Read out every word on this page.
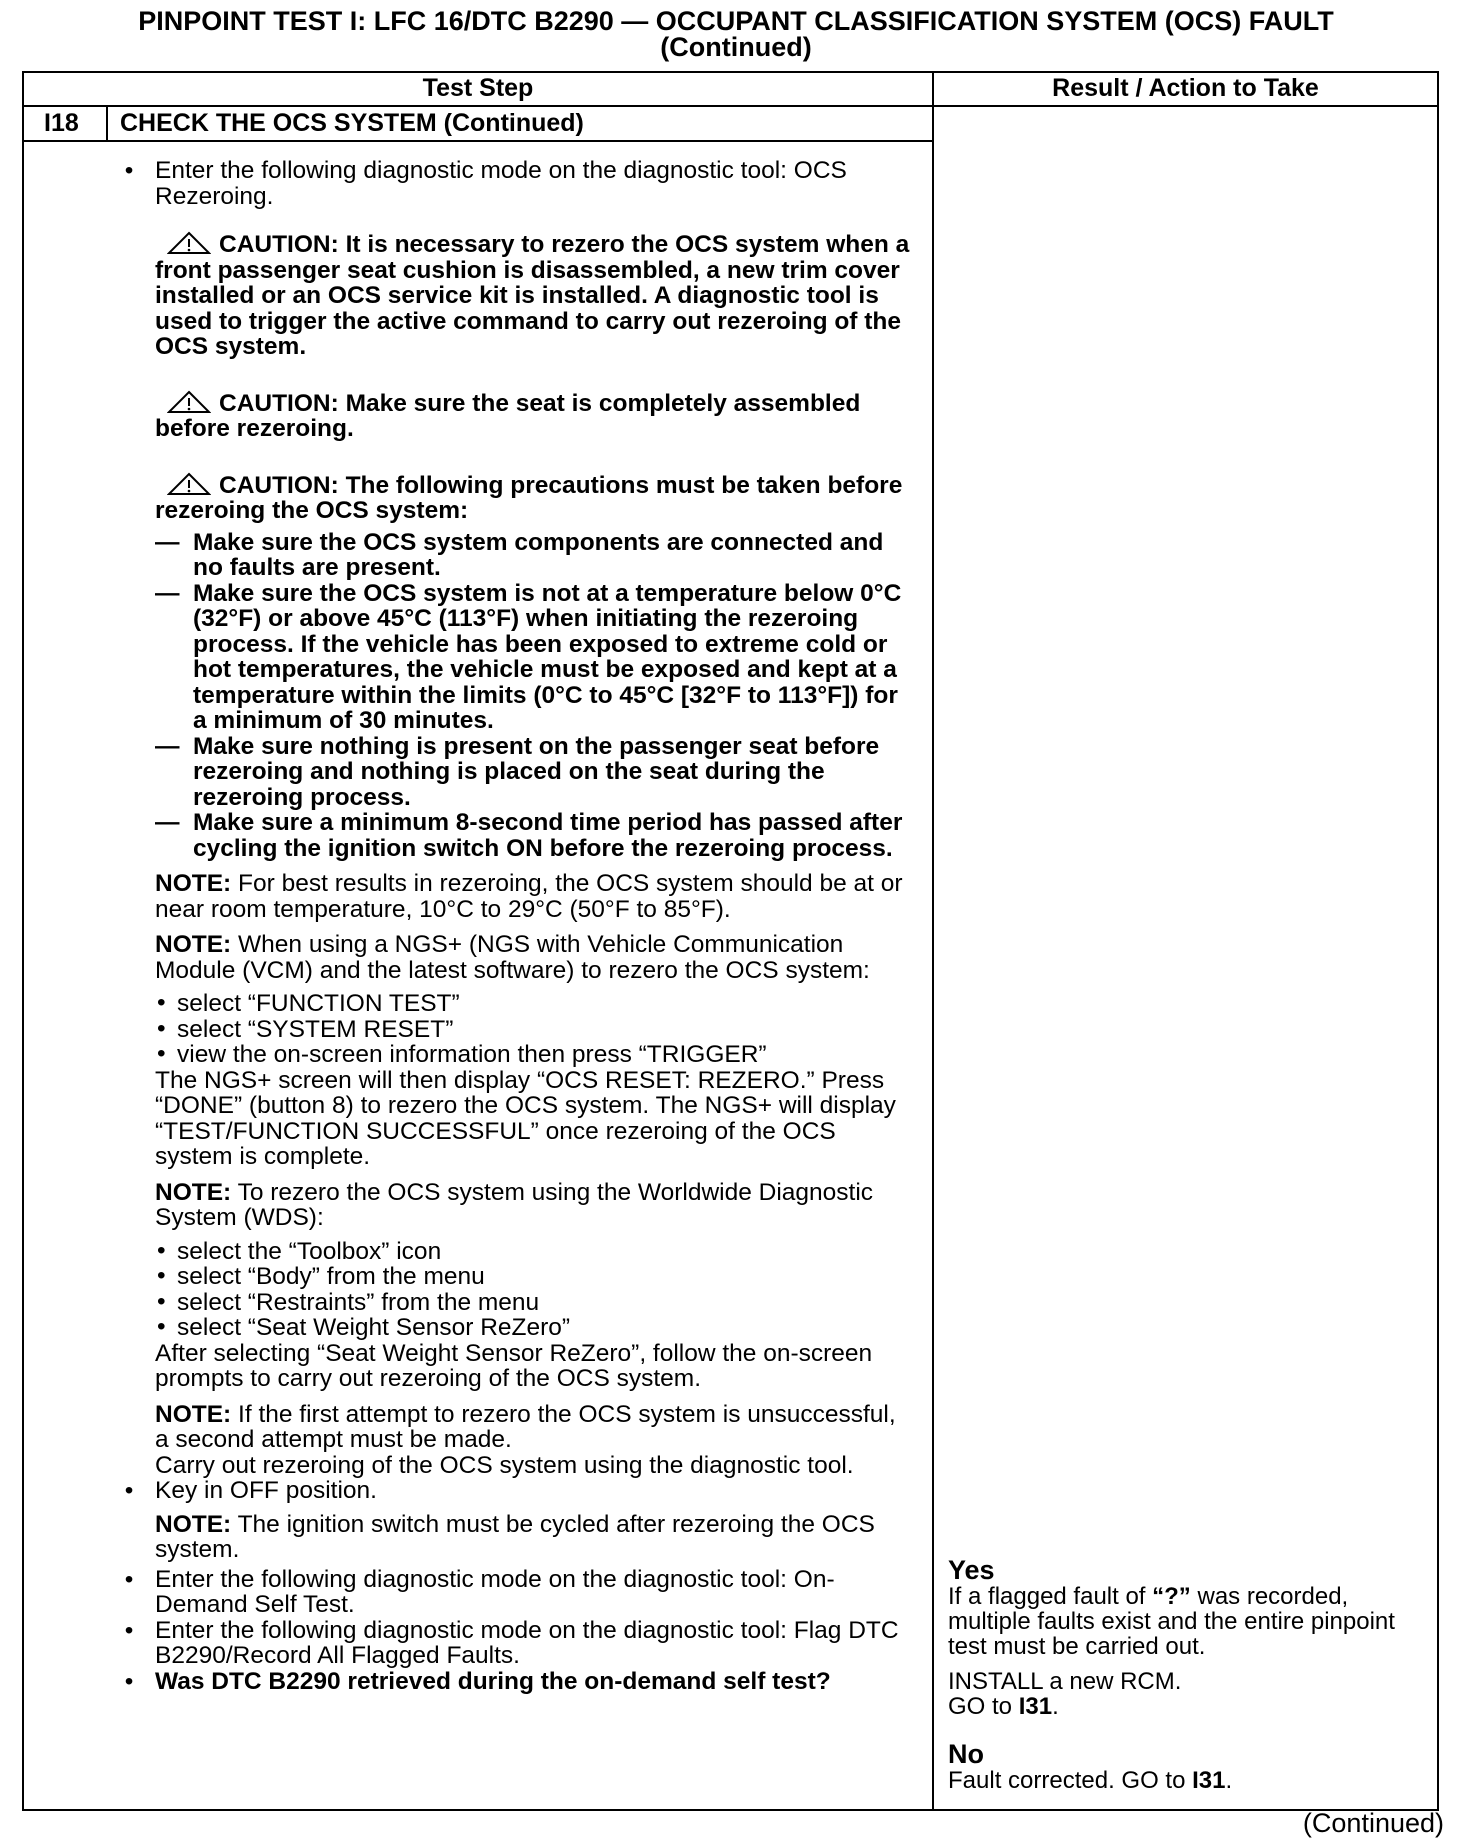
PINPOINT TEST I: LFC 16/DTC B2290 — OCCUPANT CLASSIFICATION SYSTEM (OCS) FAULT
(Continued)
Test Step	Result / Action to Take
I18 CHECK THE OCS SYSTEM (Continued)
• Enter the following diagnostic mode on the diagnostic tool: OCS Rezeroing.
CAUTION: It is necessary to rezero the OCS system when a front passenger seat cushion is disassembled, a new trim cover installed or an OCS service kit is installed. A diagnostic tool is used to trigger the active command to carry out rezeroing of the OCS system.
CAUTION: Make sure the seat is completely assembled before rezeroing.
CAUTION: The following precautions must be taken before rezeroing the OCS system:
— Make sure the OCS system components are connected and no faults are present.
— Make sure the OCS system is not at a temperature below 0°C (32°F) or above 45°C (113°F) when initiating the rezeroing process. If the vehicle has been exposed to extreme cold or hot temperatures, the vehicle must be exposed and kept at a temperature within the limits (0°C to 45°C [32°F to 113°F]) for a minimum of 30 minutes.
— Make sure nothing is present on the passenger seat before rezeroing and nothing is placed on the seat during the rezeroing process.
— Make sure a minimum 8-second time period has passed after cycling the ignition switch ON before the rezeroing process.
NOTE: For best results in rezeroing, the OCS system should be at or near room temperature, 10°C to 29°C (50°F to 85°F).
NOTE: When using a NGS+ (NGS with Vehicle Communication Module (VCM) and the latest software) to rezero the OCS system:
• select “FUNCTION TEST”
• select “SYSTEM RESET”
• view the on-screen information then press “TRIGGER”
The NGS+ screen will then display “OCS RESET: REZERO.” Press “DONE” (button 8) to rezero the OCS system. The NGS+ will display “TEST/FUNCTION SUCCESSFUL” once rezeroing of the OCS system is complete.
NOTE: To rezero the OCS system using the Worldwide Diagnostic System (WDS):
• select the “Toolbox” icon
• select “Body” from the menu
• select “Restraints” from the menu
• select “Seat Weight Sensor ReZero”
After selecting “Seat Weight Sensor ReZero”, follow the on-screen prompts to carry out rezeroing of the OCS system.
NOTE: If the first attempt to rezero the OCS system is unsuccessful, a second attempt must be made.
Carry out rezeroing of the OCS system using the diagnostic tool.
• Key in OFF position.
NOTE: The ignition switch must be cycled after rezeroing the OCS system.
• Enter the following diagnostic mode on the diagnostic tool: On-Demand Self Test.
• Enter the following diagnostic mode on the diagnostic tool: Flag DTC B2290/Record All Flagged Faults.
• Was DTC B2290 retrieved during the on-demand self test?
Yes
If a flagged fault of “?” was recorded, multiple faults exist and the entire pinpoint test must be carried out.
INSTALL a new RCM.
GO to I31.
No
Fault corrected. GO to I31.
(Continued)
